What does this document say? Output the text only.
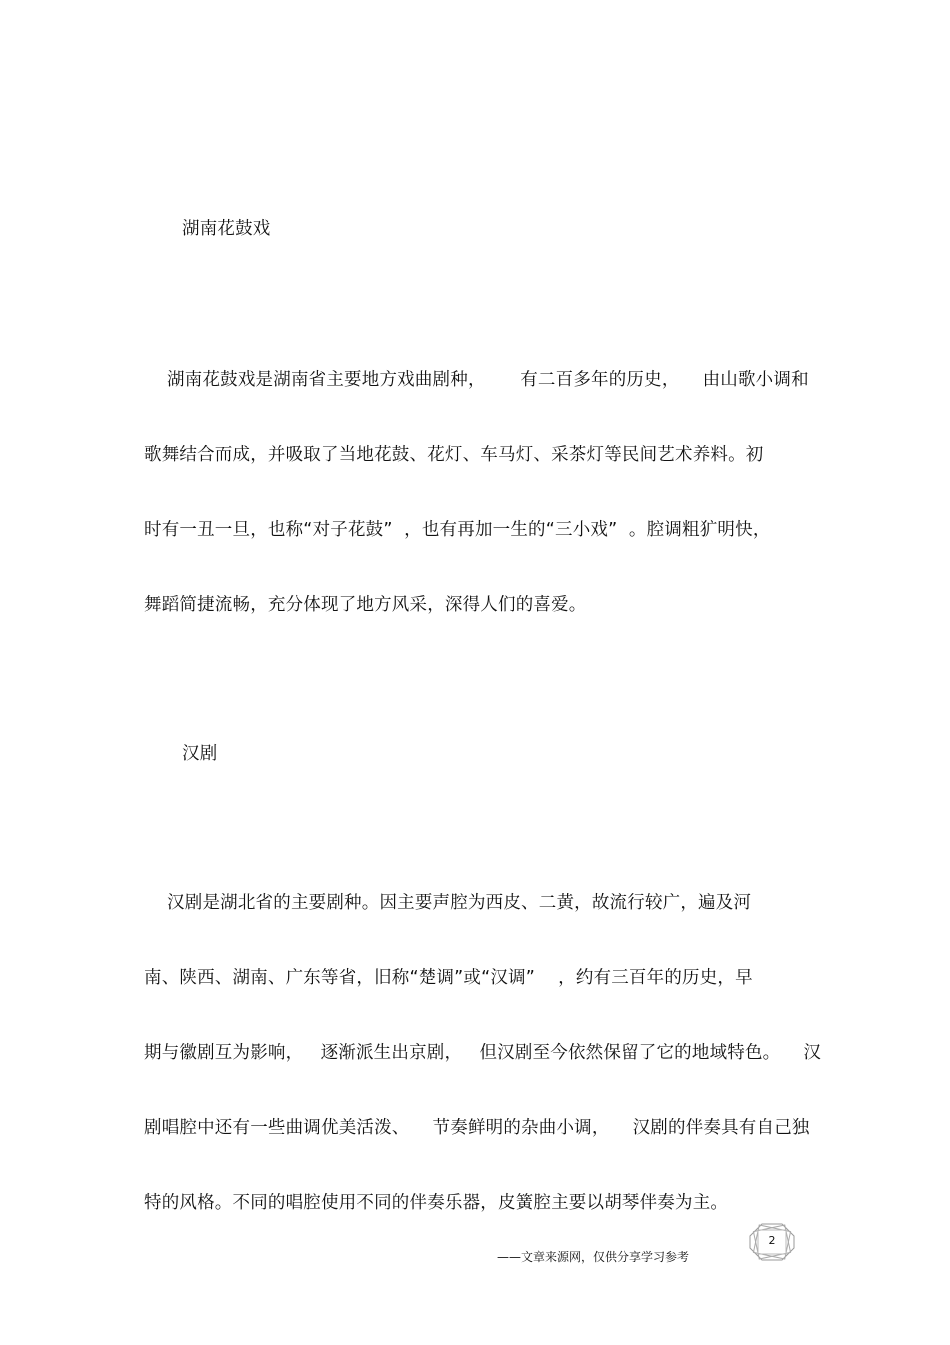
湖南花鼓戏
湖南花鼓戏是湖南省主要地方戏曲剧种，      有二百多年的历史，    由山歌小调和
歌舞结合而成，并吸取了当地花鼓、花灯、车马灯、采茶灯等民间艺术养料。初
时有一丑一旦，也称“对子花鼓”  ，也有再加一生的“三小戏”  。腔调粗犷明快，
舞蹈简捷流畅，充分体现了地方风采，深得人们的喜爱。
汉剧
汉剧是湖北省的主要剧种。因主要声腔为西皮、二黄，故流行较广，遍及河
南、陕西、湖南、广东等省，旧称“楚调”或“汉调”    ，约有三百年的历史，早
期与徽剧互为影响，   逐渐派生出京剧，   但汉剧至今依然保留了它的地域特色。    汉
剧唱腔中还有一些曲调优美活泼、    节奏鲜明的杂曲小调，    汉剧的伴奏具有自己独
特的风格。不同的唱腔使用不同的伴奏乐器，皮簧腔主要以胡琴伴奏为主。
2
——文章来源网，仅供分享学习参考
